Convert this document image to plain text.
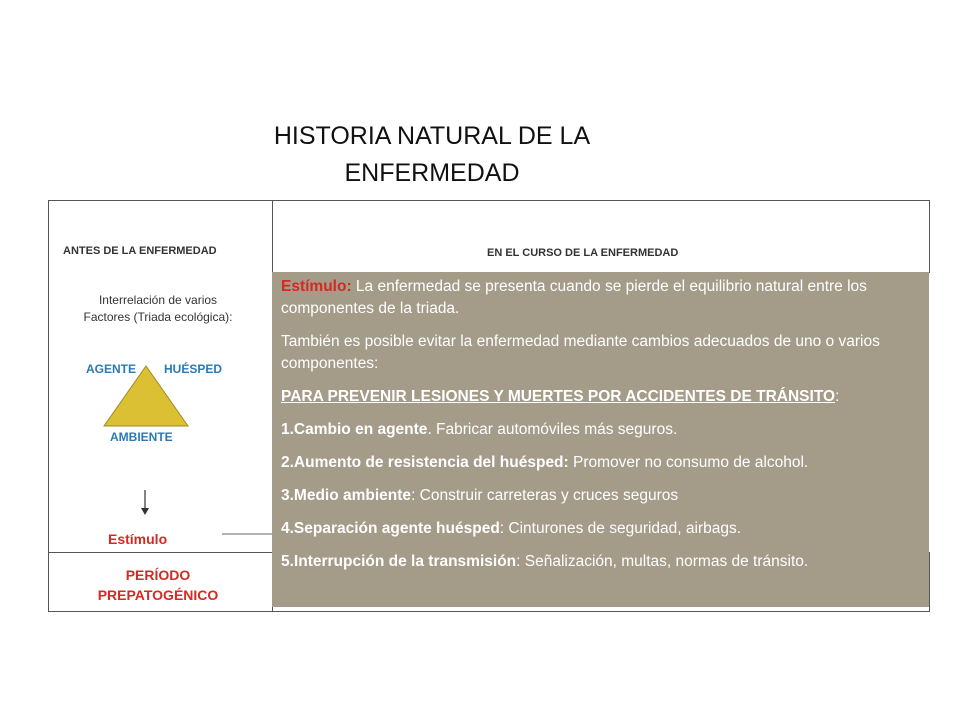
HISTORIA NATURAL DE LA
ENFERMEDAD
ANTES DE LA ENFERMEDAD	EN EL CURSO DE LA ENFERMEDAD
Interrelación de varios
Factores (Triada ecológica):
AGENTE HUÉSPED
AMBIENTE
Estímulo
PERÍODO
PREPATOGÉNICO

Estímulo: La enfermedad se presenta cuando se pierde el equilibrio natural entre los componentes de la triada.

También es posible evitar la enfermedad mediante cambios adecuados de uno o varios componentes:

PARA PREVENIR LESIONES Y MUERTES POR ACCIDENTES DE TRÁNSITO:

1.Cambio en agente. Fabricar automóviles más seguros.

2.Aumento de resistencia del huésped: Promover no consumo de alcohol.

3.Medio ambiente: Construir carreteras y cruces seguros

4.Separación agente huésped: Cinturones de seguridad, airbags.

5.Interrupción de la transmisión: Señalización, multas, normas de tránsito.
